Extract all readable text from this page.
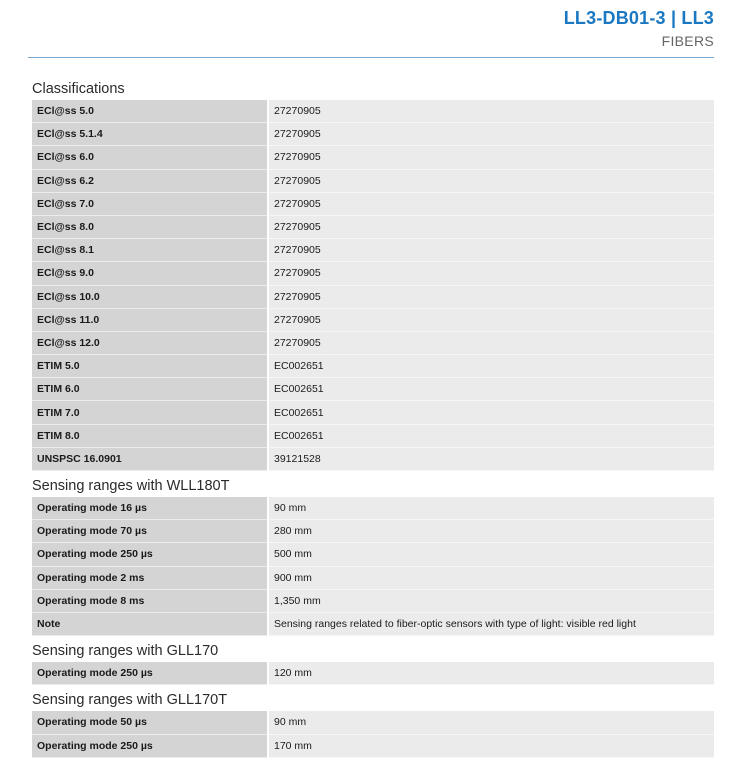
LL3-DB01-3 | LL3
FIBERS
Classifications
ECl@ss 5.0	27270905
ECl@ss 5.1.4	27270905
ECl@ss 6.0	27270905
ECl@ss 6.2	27270905
ECl@ss 7.0	27270905
ECl@ss 8.0	27270905
ECl@ss 8.1	27270905
ECl@ss 9.0	27270905
ECl@ss 10.0	27270905
ECl@ss 11.0	27270905
ECl@ss 12.0	27270905
ETIM 5.0	EC002651
ETIM 6.0	EC002651
ETIM 7.0	EC002651
ETIM 8.0	EC002651
UNSPSC 16.0901	39121528
Sensing ranges with WLL180T
Operating mode 16 µs	90 mm
Operating mode 70 µs	280 mm
Operating mode 250 µs	500 mm
Operating mode 2 ms	900 mm
Operating mode 8 ms	1,350 mm
Note	Sensing ranges related to fiber-optic sensors with type of light: visible red light
Sensing ranges with GLL170
Operating mode 250 µs	120 mm
Sensing ranges with GLL170T
Operating mode 50 µs	90 mm
Operating mode 250 µs	170 mm
